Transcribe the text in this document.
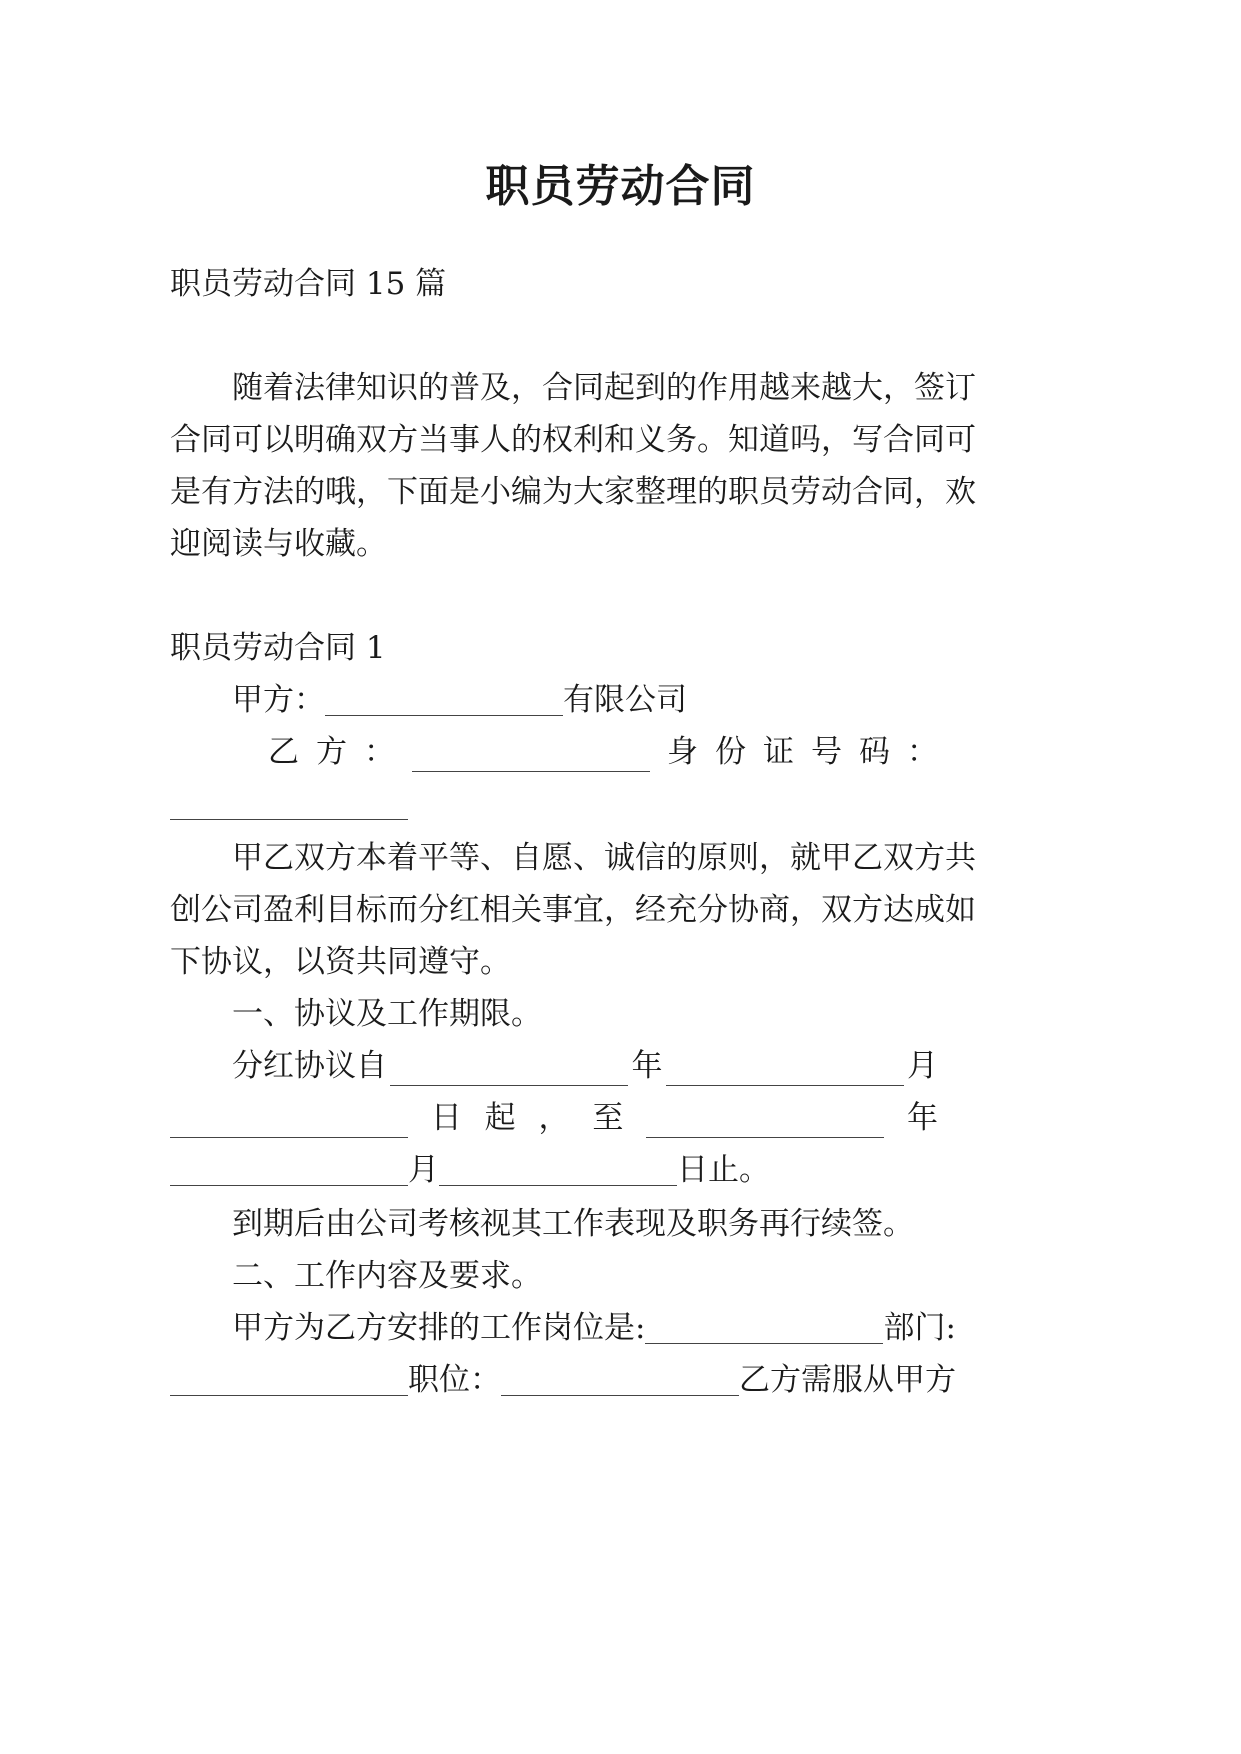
职员劳动合同
职员劳动合同 15 篇
随着法律知识的普及，合同起到的作用越来越大，签订
合同可以明确双方当事人的权利和义务。知道吗，写合同可
是有方法的哦，下面是小编为大家整理的职员劳动合同，欢
迎阅读与收藏。
职员劳动合同 1
甲方：	有限公司
乙 方 ：	身 份 证 号 码 ：
甲乙双方本着平等、自愿、诚信的原则，就甲乙双方共
创公司盈利目标而分红相关事宜，经充分协商，双方达成如
下协议，以资共同遵守。
一、协议及工作期限。
分红协议自	年	月
日 起 ， 至	年
月	日止。
到期后由公司考核视其工作表现及职务再行续签。
二、工作内容及要求。
甲方为乙方安排的工作岗位是:	部门:
职位：	乙方需服从甲方
